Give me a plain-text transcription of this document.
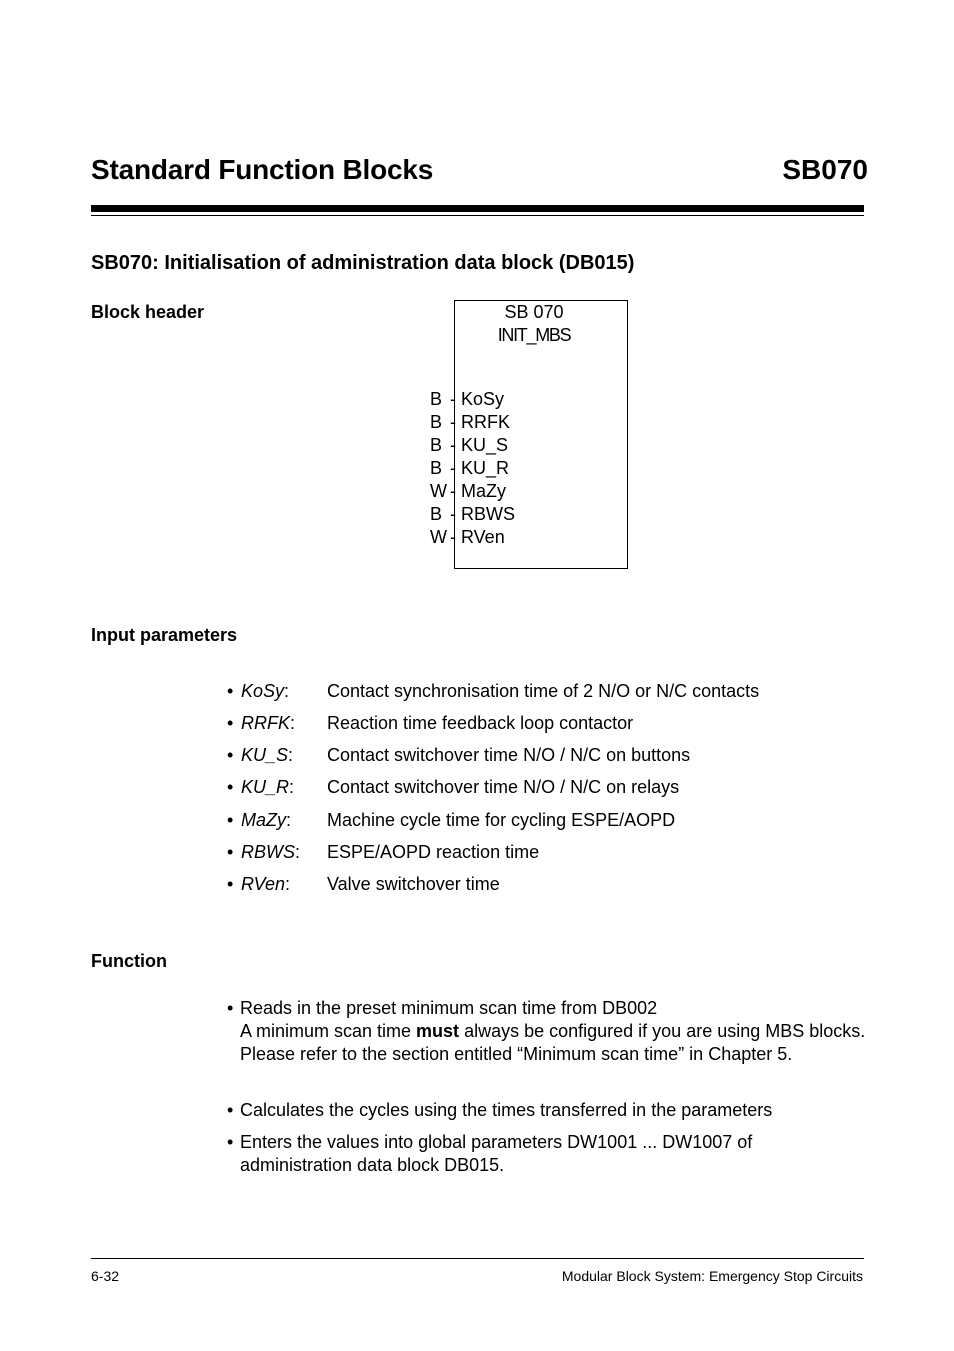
Standard Function Blocks	SB070
SB070: Initialisation of administration data block (DB015)
Block header	SB 070
INIT_MBS
B - KoSy
B - RRFK
B - KU_S
B - KU_R
W - MaZy
B - RBWS
W - RVen
Input parameters
• KoSy: Contact synchronisation time of 2 N/O or N/C contacts
• RRFK: Reaction time feedback loop contactor
• KU_S: Contact switchover time N/O / N/C on buttons
• KU_R: Contact switchover time N/O / N/C on relays
• MaZy: Machine cycle time for cycling ESPE/AOPD
• RBWS: ESPE/AOPD reaction time
• RVen: Valve switchover time
Function
• Reads in the preset minimum scan time from DB002
A minimum scan time must always be configured if you are using MBS blocks. Please refer to the section entitled “Minimum scan time” in Chapter 5.
• Calculates the cycles using the times transferred in the parameters
• Enters the values into global parameters DW1001 ... DW1007 of administration data block DB015.
6-32	Modular Block System: Emergency Stop Circuits
